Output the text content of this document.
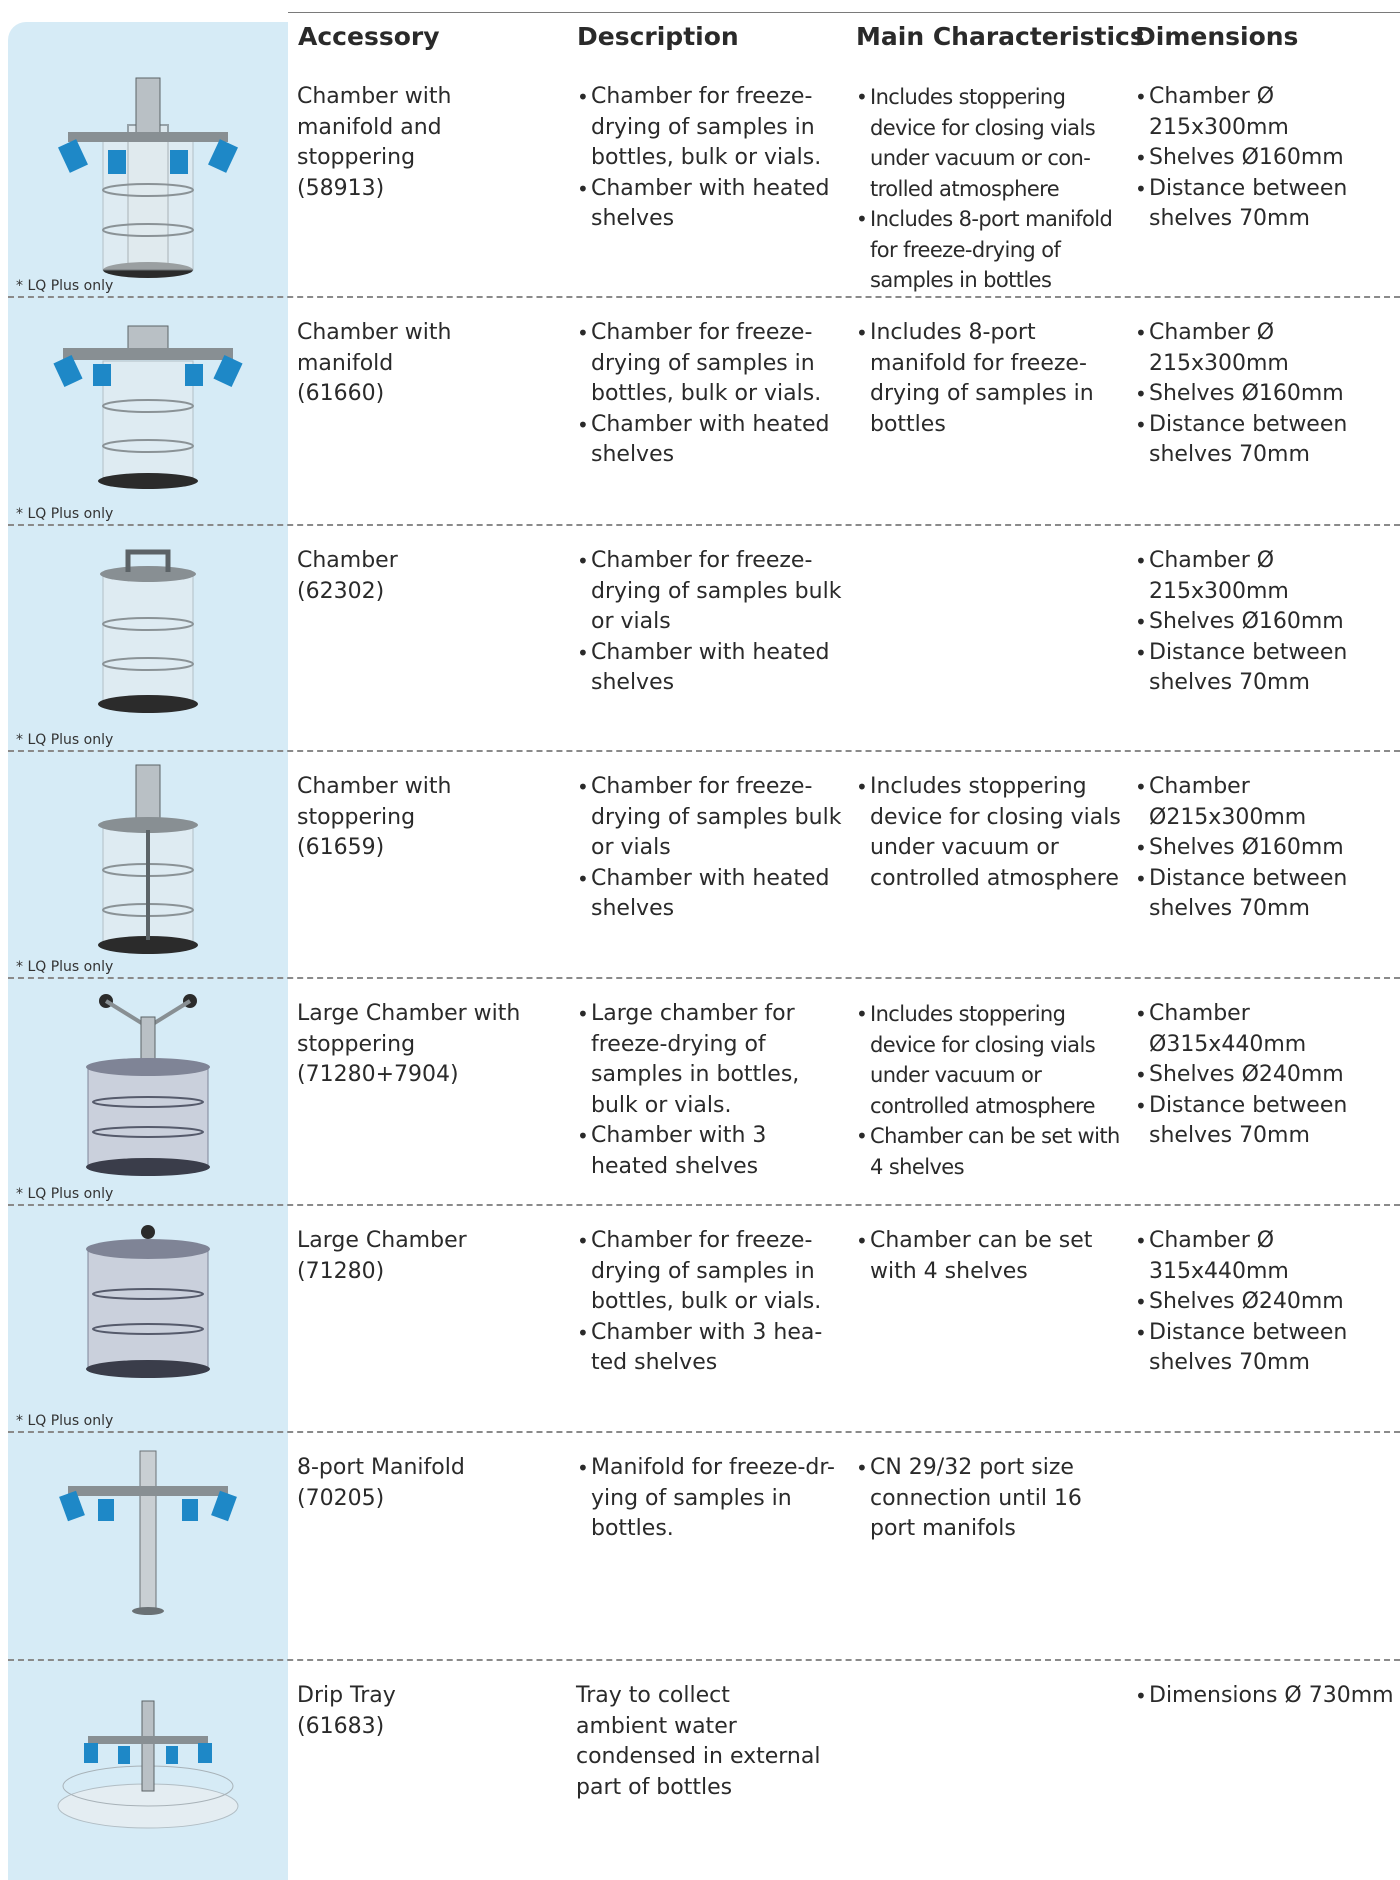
Accessory	Description	Main Characteristics
Dimensions
* LQ Plus only
Chamber with
manifold and
stoppering
(58913)
• Chamber for freeze-drying of samples in bottles, bulk or vials.
• Chamber with heated shelves
• Includes stoppering device for closing vials under vacuum or con-trolled atmosphere
• Includes 8-port manifold for freeze-drying of samples in bottles
• Chamber Ø 215x300mm
• Shelves Ø160mm
• Distance between shelves 70mm
* LQ Plus only
Chamber with
manifold
(61660)
• Chamber for freeze-drying of samples in bottles, bulk or vials.
• Chamber with heated shelves
• Includes 8-port manifold for freeze-drying of samples in bottles
• Chamber Ø 215x300mm
• Shelves Ø160mm
• Distance between shelves 70mm
* LQ Plus only
Chamber
(62302)
• Chamber for freeze-drying of samples bulk or vials
• Chamber with heated shelves
• Chamber Ø 215x300mm
• Shelves Ø160mm
• Distance between shelves 70mm
* LQ Plus only
Chamber with
stoppering
(61659)
• Chamber for freeze-drying of samples bulk or vials
• Chamber with heated shelves
• Includes stoppering device for closing vials under vacuum or controlled atmosphere
• Chamber Ø215x300mm
• Shelves Ø160mm
• Distance between shelves 70mm
* LQ Plus only
Large Chamber with
stoppering
(71280+7904)
• Large chamber for freeze-drying of samples in bottles, bulk or vials.
• Chamber with 3 heated shelves
• Includes stoppering device for closing vials under vacuum or controlled atmosphere
• Chamber can be set with 4 shelves
• Chamber Ø315x440mm
• Shelves Ø240mm
• Distance between shelves 70mm
* LQ Plus only
Large Chamber
(71280)
• Chamber for freeze-drying of samples in bottles, bulk or vials.
• Chamber with 3 hea-ted shelves
• Chamber can be set with 4 shelves
• Chamber Ø 315x440mm
• Shelves Ø240mm
• Distance between shelves 70mm
8-port Manifold
(70205)
• Manifold for freeze-dr-ying of samples in bottles.
• CN 29/32 port size connection until 16 port manifols
Drip Tray
(61683)
Tray to collect
ambient water
condensed in external
part of bottles
• Dimensions Ø 730mm
